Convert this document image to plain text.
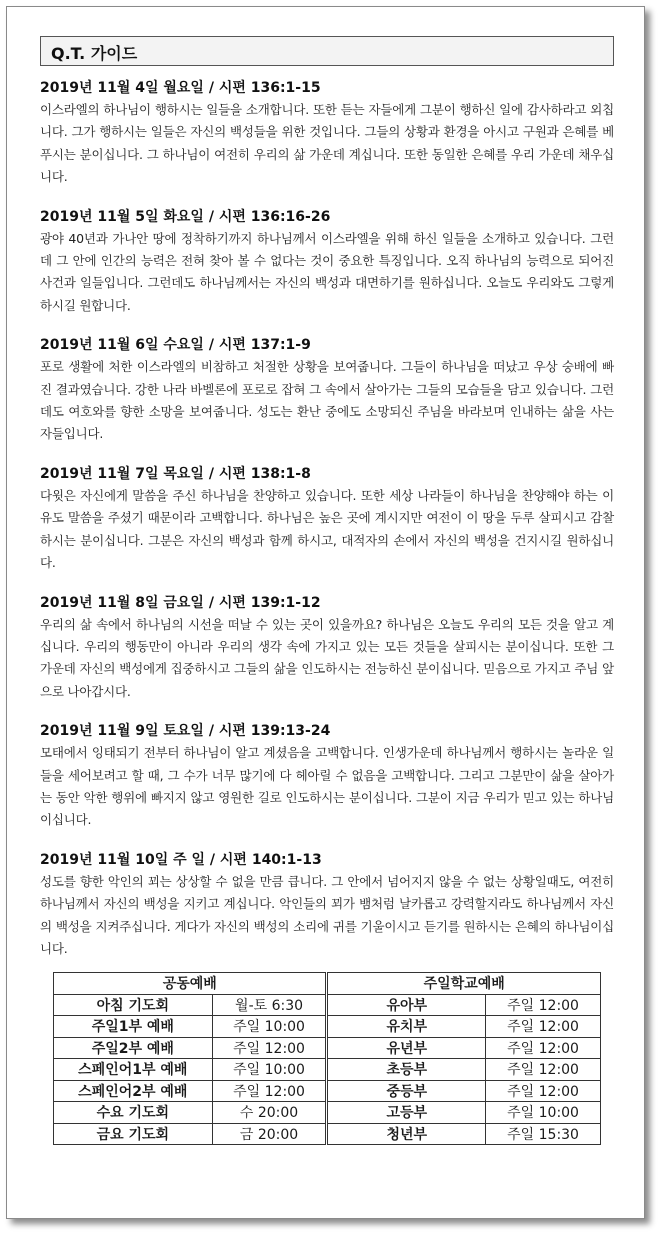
Q.T. 가이드
2019년 11월 4일 월요일 / 시편 136:1-15
이스라엘의 하나님이 행하시는 일들을 소개합니다. 또한 듣는 자들에게 그분이 행하신 일에 감사하라고 외칩니다. 그가 행하시는 일들은 자신의 백성들을 위한 것입니다. 그들의 상황과 환경을 아시고 구원과 은혜를 베푸시는 분이십니다. 그 하나님이 여전히 우리의 삶 가운데 계십니다. 또한 동일한 은혜를 우리 가운데 채우십니다.
2019년 11월 5일 화요일 / 시편 136:16-26
광야 40년과 가나안 땅에 정착하기까지 하나님께서 이스라엘을 위해 하신 일들을 소개하고 있습니다. 그런데 그 안에 인간의 능력은 전혀 찾아 볼 수 없다는 것이 중요한 특징입니다. 오직 하나님의 능력으로 되어진 사건과 일들입니다. 그런데도 하나님께서는 자신의 백성과 대면하기를 원하십니다. 오늘도 우리와도 그렇게 하시길 원합니다.
2019년 11월 6일 수요일 / 시편 137:1-9
포로 생활에 처한 이스라엘의 비참하고 처절한 상황을 보여줍니다. 그들이 하나님을 떠났고 우상 숭배에 빠진 결과였습니다. 강한 나라 바벨론에 포로로 잡혀 그 속에서 살아가는 그들의 모습들을 담고 있습니다. 그런데도 여호와를 향한 소망을 보여줍니다. 성도는 환난 중에도 소망되신 주님을 바라보며 인내하는 삶을 사는 자들입니다.
2019년 11월 7일 목요일 / 시편 138:1-8
다윗은 자신에게 말씀을 주신 하나님을 찬양하고 있습니다. 또한 세상 나라들이 하나님을 찬양해야 하는 이유도 말씀을 주셨기 때문이라 고백합니다. 하나님은 높은 곳에 계시지만 여전이 이 땅을 두루 살피시고 감찰하시는 분이십니다. 그분은 자신의 백성과 함께 하시고, 대적자의 손에서 자신의 백성을 건지시길 원하십니다.
2019년 11월 8일 금요일 / 시편 139:1-12
우리의 삶 속에서 하나님의 시선을 떠날 수 있는 곳이 있을까요? 하나님은 오늘도 우리의 모든 것을 알고 계십니다. 우리의 행동만이 아니라 우리의 생각 속에 가지고 있는 모든 것들을 살피시는 분이십니다. 또한 그 가운데 자신의 백성에게 집중하시고 그들의 삶을 인도하시는 전능하신 분이십니다. 믿음으로 가지고 주님 앞으로 나아갑시다.
2019년 11월 9일 토요일 / 시편 139:13-24
모태에서 잉태되기 전부터 하나님이 알고 계셨음을 고백합니다. 인생가운데 하나님께서 행하시는 놀라운 일들을 세어보려고 할 때, 그 수가 너무 많기에 다 헤아릴 수 없음을 고백합니다. 그리고 그분만이 삶을 살아가는 동안 악한 행위에 빠지지 않고 영원한 길로 인도하시는 분이십니다. 그분이 지금 우리가 믿고 있는 하나님이십니다.
2019년 11월 10일 주 일 / 시편 140:1-13
성도를 향한 악인의 꾀는 상상할 수 없을 만큼 큽니다. 그 안에서 넘어지지 않을 수 없는 상황일때도, 여전히 하나님께서 자신의 백성을 지키고 계십니다. 악인들의 꾀가 뱀처럼 날카롭고 강력할지라도 하나님께서 자신의 백성을 지켜주십니다. 게다가 자신의 백성의 소리에 귀를 기울이시고 듣기를 원하시는 은혜의 하나님이십니다.
공동예배		주일학교예배	
아침 기도회	월-토 6:30	유아부	주일 12:00
주일1부 예배	주일 10:00	유치부	주일 12:00
주일2부 예배	주일 12:00	유년부	주일 12:00
스페인어1부 예배	주일 10:00	초등부	주일 12:00
스페인어2부 예배	주일 12:00	중등부	주일 12:00
수요 기도회	수 20:00	고등부	주일 10:00
금요 기도회	금 20:00	청년부	주일 15:30
